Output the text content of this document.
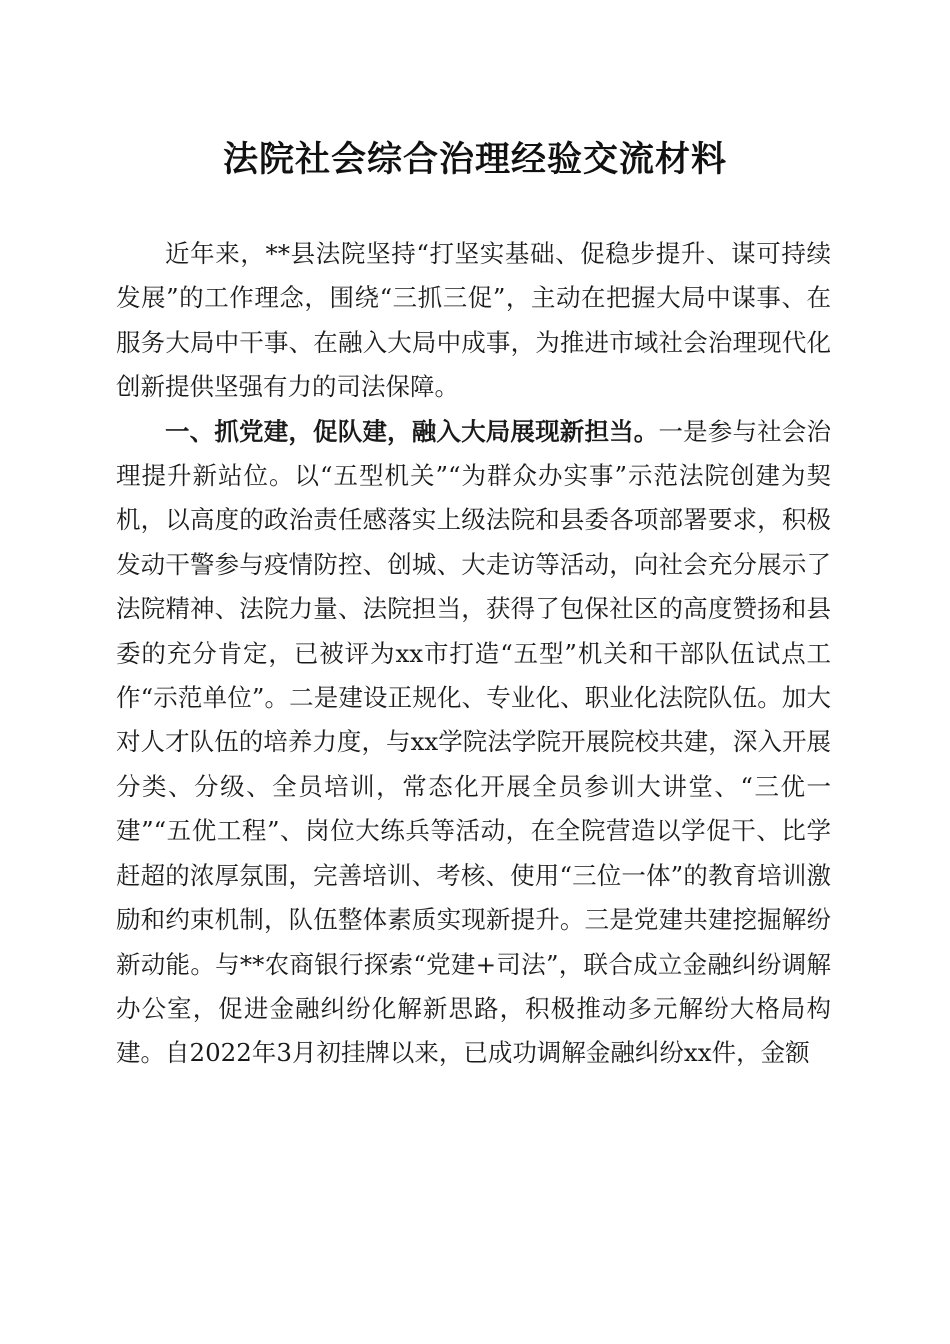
法院社会综合治理经验交流材料

近年来，**县法院坚持“打坚实基础、促稳步提升、谋可持续发展”的工作理念，围绕“三抓三促”，主动在把握大局中谋事、在服务大局中干事、在融入大局中成事，为推进市域社会治理现代化创新提供坚强有力的司法保障。

一、抓党建，促队建，融入大局展现新担当。一是参与社会治理提升新站位。以“五型机关”“为群众办实事”示范法院创建为契机，以高度的政治责任感落实上级法院和县委各项部署要求，积极发动干警参与疫情防控、创城、大走访等活动，向社会充分展示了法院精神、法院力量、法院担当，获得了包保社区的高度赞扬和县委的充分肯定，已被评为xx市打造“五型”机关和干部队伍试点工作“示范单位”。二是建设正规化、专业化、职业化法院队伍。加大对人才队伍的培养力度，与xx学院法学院开展院校共建，深入开展分类、分级、全员培训，常态化开展全员参训大讲堂、“三优一建”“五优工程”、岗位大练兵等活动，在全院营造以学促干、比学赶超的浓厚氛围，完善培训、考核、使用“三位一体”的教育培训激励和约束机制，队伍整体素质实现新提升。三是党建共建挖掘解纷新动能。与**农商银行探索“党建+司法”，联合成立金融纠纷调解办公室，促进金融纠纷化解新思路，积极推动多元解纷大格局构建。自2022年3月初挂牌以来，已成功调解金融纠纷xx件，金额
